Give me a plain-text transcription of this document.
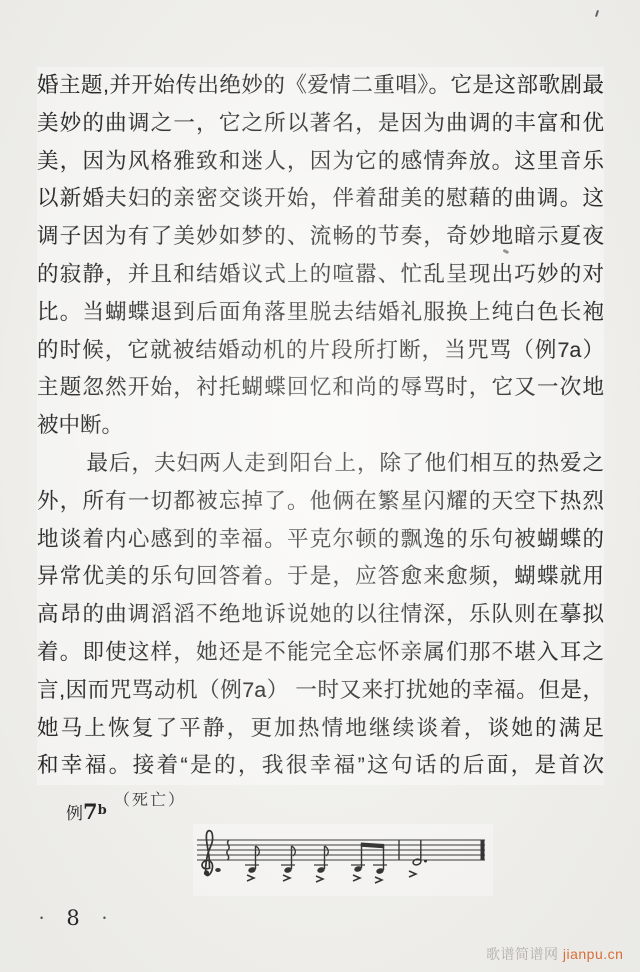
婚主题,并开始传出绝妙的《爱情二重唱》。它是这部歌剧最
美妙的曲调之一，它之所以著名，是因为曲调的丰富和优
美，因为风格雅致和迷人，因为它的感情奔放。这里音乐
以新婚夫妇的亲密交谈开始，伴着甜美的慰藉的曲调。这
调子因为有了美妙如梦的、流畅的节奏，奇妙地暗示夏夜
的寂静，并且和结婚议式上的喧嚣、忙乱呈现出巧妙的对
比。当蝴蝶退到后面角落里脱去结婚礼服换上纯白色长袍
的时候，它就被结婚动机的片段所打断，当咒骂（例7a）
主题忽然开始，衬托蝴蝶回忆和尚的辱骂时，它又一次地
被中断。
最后，夫妇两人走到阳台上，除了他们相互的热爱之
外，所有一切都被忘掉了。他俩在繁星闪耀的天空下热烈
地谈着内心感到的幸福。平克尔顿的飘逸的乐句被蝴蝶的
异常优美的乐句回答着。于是，应答愈来愈频，蝴蝶就用
高昂的曲调滔滔不绝地诉说她的以往情深，乐队则在摹拟
着。即使这样，她还是不能完全忘怀亲属们那不堪入耳之
言,因而咒骂动机（例7a） 一时又来打扰她的幸福。但是，
她马上恢复了平静，更加热情地继续谈着，谈她的满足
和幸福。接着“是的，我很幸福”这句话的后面，是首次
（死亡）
例7$^b$
• 8	•
歌谱简谱网 jianpu.cn
